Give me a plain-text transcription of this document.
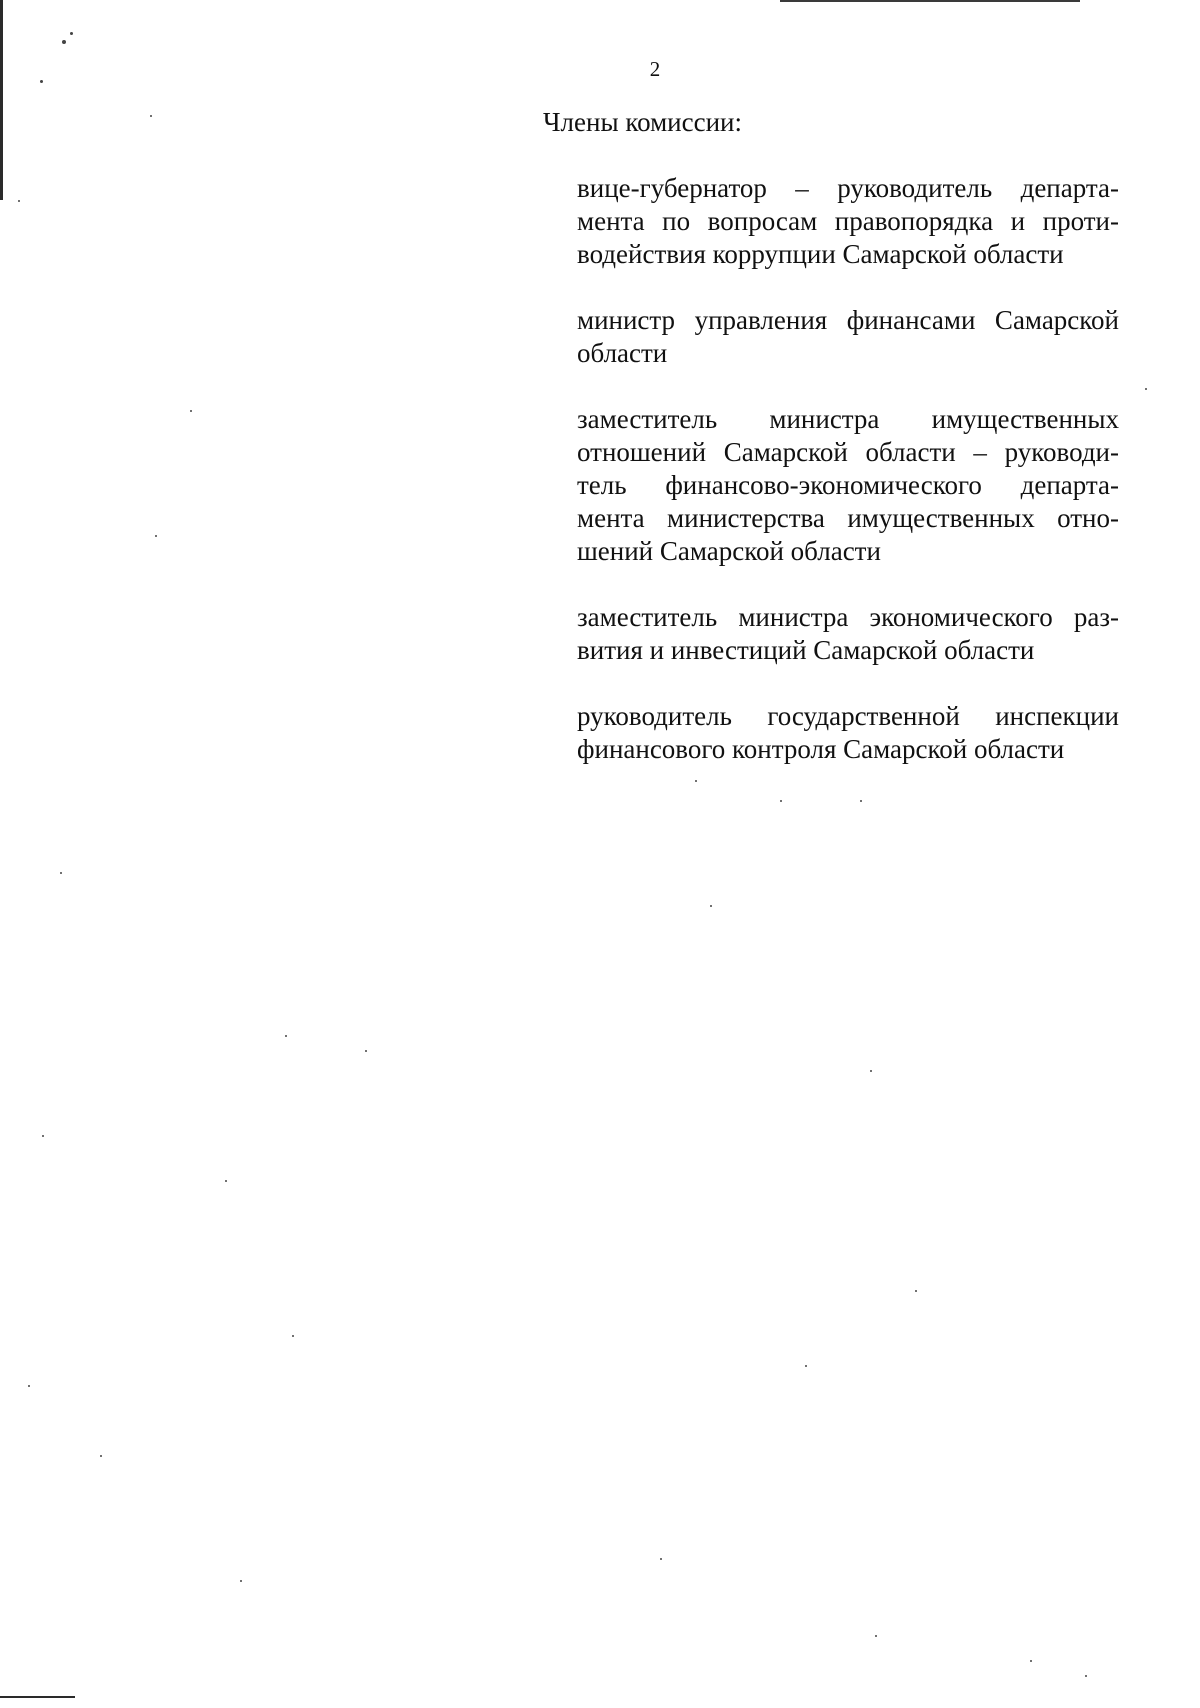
2
Члены комиссии:
вице-губернатор – руководитель департа-
мента по вопросам правопорядка и проти-
водействия коррупции Самарской области
министр управления финансами Самарской
области
заместитель министра имущественных
отношений Самарской области – руководи-
тель финансово-экономического департа-
мента министерства имущественных отно-
шений Самарской области
заместитель министра экономического раз-
вития и инвестиций Самарской области
руководитель государственной инспекции
финансового контроля Самарской области
